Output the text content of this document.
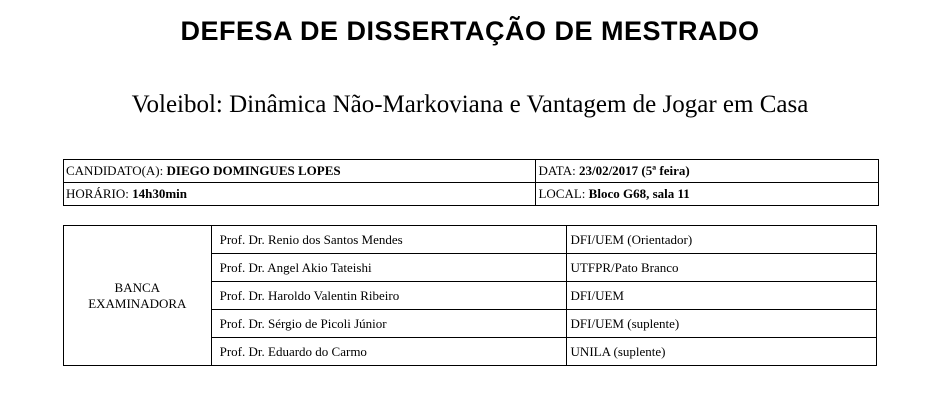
DEFESA DE DISSERTAÇÃO DE MESTRADO
Voleibol: Dinâmica Não-Markoviana e Vantagem de Jogar em Casa
CANDIDATO(A): DIEGO DOMINGUES LOPES	DATA: 23/02/2017 (5ª feira)
HORÁRIO: 14h30min	LOCAL: Bloco G68, sala 11
BANCA EXAMINADORA	Prof. Dr. Renio dos Santos Mendes	DFI/UEM (Orientador)
	Prof. Dr. Angel Akio Tateishi	UTFPR/Pato Branco
	Prof. Dr. Haroldo Valentin Ribeiro	DFI/UEM
	Prof. Dr. Sérgio de Picoli Júnior	DFI/UEM (suplente)
	Prof. Dr. Eduardo do Carmo	UNILA (suplente)
